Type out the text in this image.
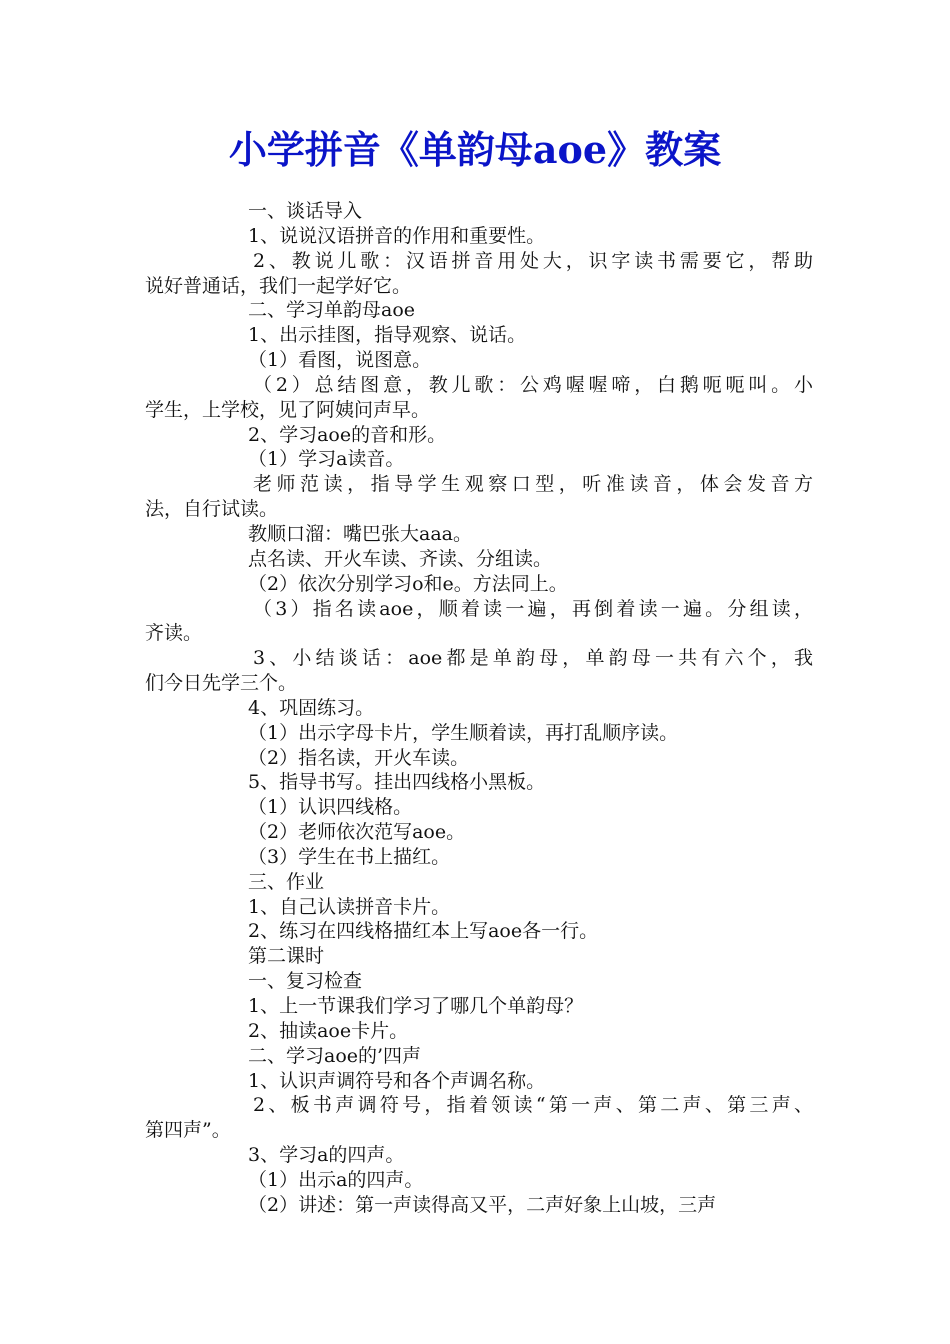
小学拼音《单韵母aoe》教案
一、谈话导入
1、说说汉语拼音的作用和重要性。
2、教说儿歌：汉语拼音用处大，识字读书需要它，帮助
说好普通话，我们一起学好它。
二、学习单韵母aoe
1、出示挂图，指导观察、说话。
（1）看图，说图意。
（2）总结图意，教儿歌：公鸡喔喔啼，白鹅呃呃叫。小
学生，上学校，见了阿姨问声早。
2、学习aoe的音和形。
（1）学习a读音。
老师范读，指导学生观察口型，听准读音，体会发音方
法，自行试读。
教顺口溜：嘴巴张大aaa。
点名读、开火车读、齐读、分组读。
（2）依次分别学习o和e。方法同上。
（3）指名读aoe，顺着读一遍，再倒着读一遍。分组读，
齐读。
3、小结谈话：aoe都是单韵母，单韵母一共有六个，我
们今日先学三个。
4、巩固练习。
（1）出示字母卡片，学生顺着读，再打乱顺序读。
（2）指名读，开火车读。
5、指导书写。挂出四线格小黑板。
（1）认识四线格。
（2）老师依次范写aoe。
（3）学生在书上描红。
三、作业
1、自己认读拼音卡片。
2、练习在四线格描红本上写aoe各一行。
第二课时
一、复习检查
1、上一节课我们学习了哪几个单韵母？
2、抽读aoe卡片。
二、学习aoe的’四声
1、认识声调符号和各个声调名称。
2、板书声调符号，指着领读“第一声、第二声、第三声、
第四声”。
3、学习a的四声。
（1）出示a的四声。
（2）讲述：第一声读得高又平，二声好象上山坡，三声
